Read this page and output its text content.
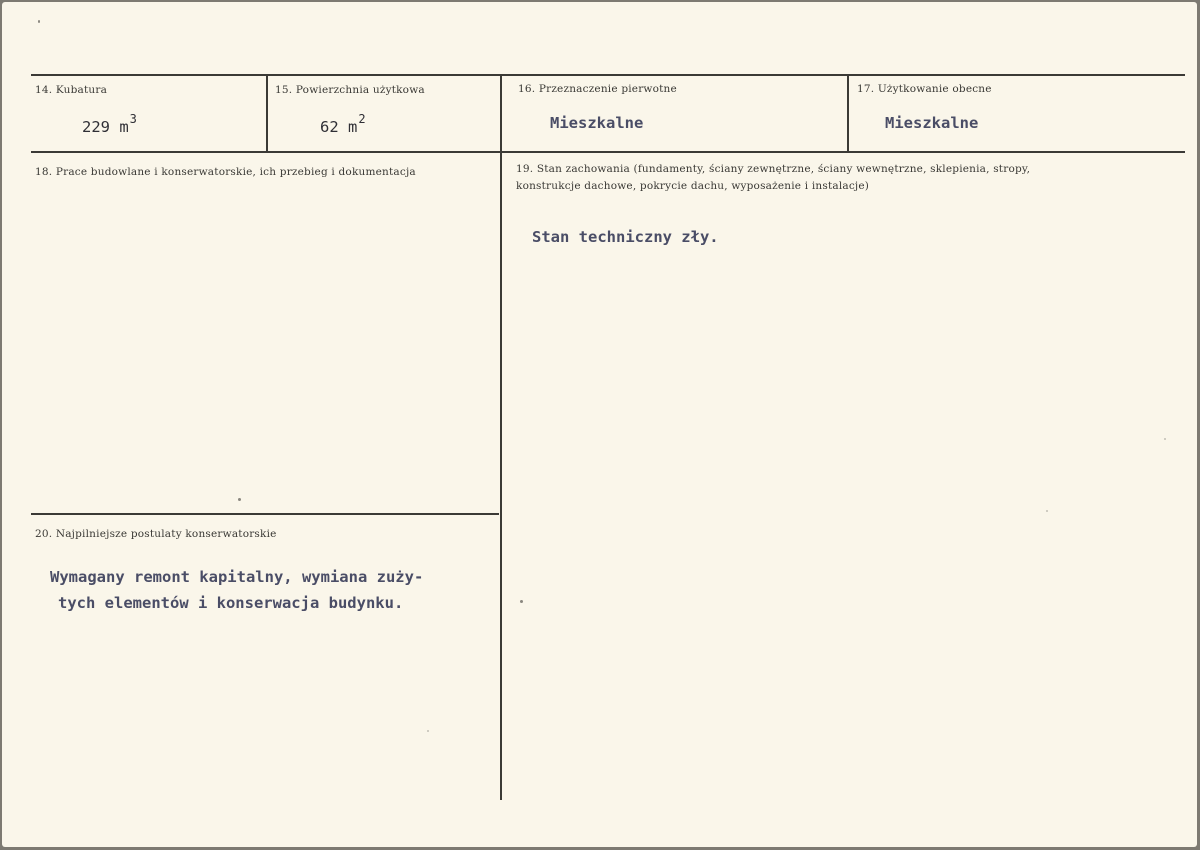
14. Kubatura
229 $m^3$
15. Powierzchnia użytkowa
62 $m^2$
16. Przeznaczenie pierwotne
Mieszkalne
17. Użytkowanie obecne
Mieszkalne
18. Prace budowlane i konserwatorskie, ich przebieg i dokumentacja	19. Stan zachowania (fundamenty, ściany zewnętrzne, ściany wewnętrzne, sklepienia, stropy,
konstrukcje dachowe, pokrycie dachu, wyposażenie i instalacje)
Stan techniczny zły.
20. Najpilniejsze postulaty konserwatorskie
Wymagany remont kapitalny, wymiana zuży-
tych elementów i konserwacja budynku.
